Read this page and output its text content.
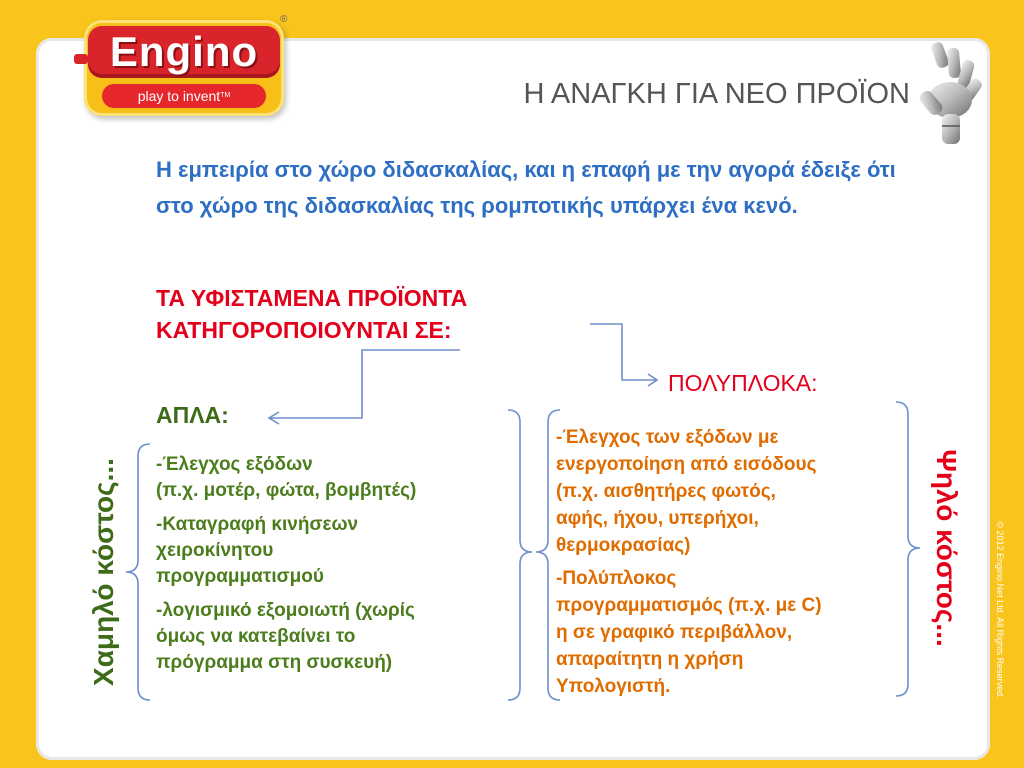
Engino
®
play to invent™	Η ΑΝΑΓΚΗ ΓΙΑ ΝΕΟ ΠΡΟΪΟΝ
Η εμπειρία στο χώρο διδασκαλίας, και η επαφή με την αγορά έδειξε ότι στο χώρο της διδασκαλίας της ρομποτικής υπάρχει ένα κενό.
ΤΑ ΥΦΙΣΤΑΜΕΝΑ ΠΡΟΪΟΝΤΑ
ΚΑΤΗΓΟΡΟΠΟΙΟΥΝΤΑΙ ΣΕ:
ΠΟΛΥΠΛΟΚΑ:
ΑΠΛΑ:
-Έλεγχος εξόδων
(π.χ. μοτέρ, φώτα, βομβητές)
-Καταγραφή κινήσεων
χειροκίνητου
προγραμματισμού
-λογισμικό εξομοιωτή (χωρίς
όμως να κατεβαίνει το
πρόγραμμα στη συσκευή)
-Έλεγχος των εξόδων με
ενεργοποίηση από εισόδους
(π.χ. αισθητήρες φωτός,
αφής, ήχου, υπερήχοι,
θερμοκρασίας)
-Πολύπλοκος
προγραμματισμός (π.χ. με C)
η σε γραφικό περιβάλλον,
απαραίτητη η χρήση
Υπολογιστή.
Χαμηλό κόστος...	Ψηλό κόστος...	© 2012 Engino.Net Ltd. All Rights Reserved.
